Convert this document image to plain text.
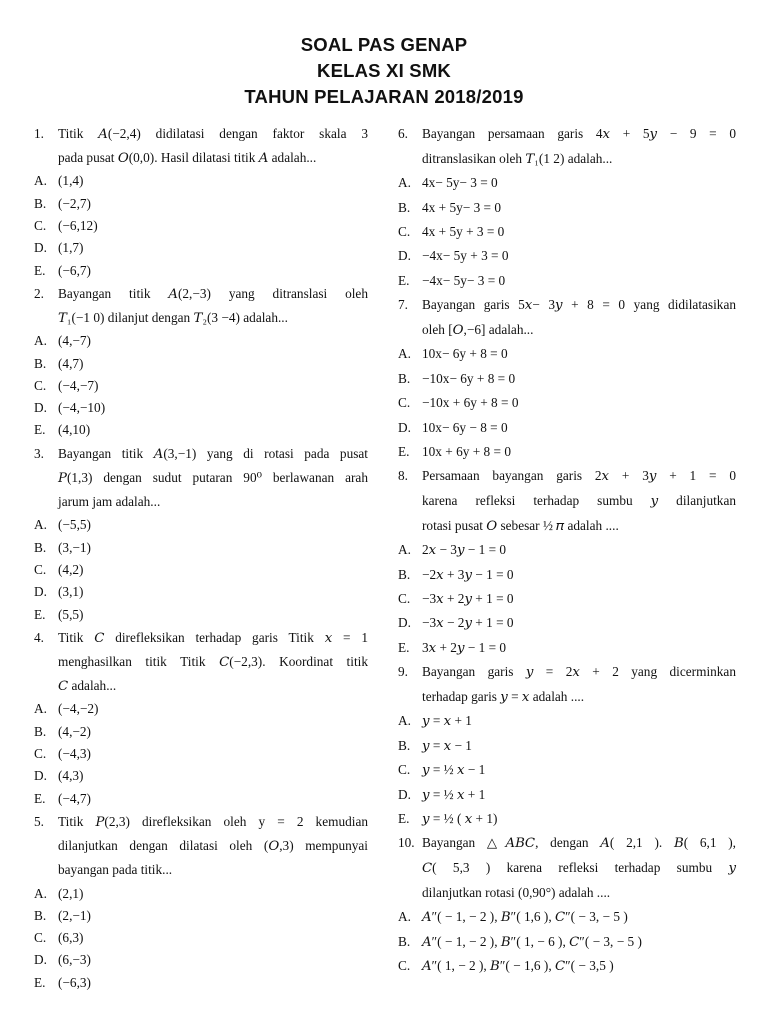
SOAL PAS GENAP
KELAS XI SMK
TAHUN PELAJARAN 2018/2019
1. Titik 𝐴(−2,4) didilatasi dengan faktor skala 3
pada pusat 𝑂(0,0). Hasil dilatasi titik 𝐴 adalah...
A. (1,4)
B. (−2,7)
C. (−6,12)
D. (1,7)
E. (−6,7)
2. Bayangan titik 𝐴(2,−3) yang ditranslasi oleh
𝑇₁(−1 0) dilanjut dengan 𝑇₂(3 −4) adalah...
A. (4,−7)
B. (4,7)
C. (−4,−7)
D. (−4,−10)
E. (4,10)
3. Bayangan titik 𝐴(3,−1) yang di rotasi pada pusat
𝑃(1,3) dengan sudut putaran 90⁰ berlawanan arah
jarum jam adalah...
A. (−5,5)
B. (3,−1)
C. (4,2)
D. (3,1)
E. (5,5)
4. Titik 𝐶 direfleksikan terhadap garis Titik 𝑥 = 1
menghasilkan titik Titik 𝐶(−2,3). Koordinat titik
𝐶 adalah...
A. (−4,−2)
B. (4,−2)
C. (−4,3)
D. (4,3)
E. (−4,7)
5. Titik 𝑃(2,3) direfleksikan oleh y = 2 kemudian
dilanjutkan dengan dilatasi oleh (𝑂,3) mempunyai
bayangan pada titik...
A. (2,1)
B. (2,−1)
C. (6,3)
D. (6,−3)
E. (−6,3)
6. Bayangan persamaan garis 4𝑥 + 5𝑦 − 9 = 0
ditranslasikan oleh 𝑇₁(1 2) adalah...
A. 4x− 5y− 3 = 0
B. 4x + 5y− 3 = 0
C. 4x + 5y + 3 = 0
D. −4x− 5y + 3 = 0
E. −4x− 5y− 3 = 0
7. Bayangan garis 5𝑥− 3𝑦 + 8 = 0 yang didilatasikan
oleh [𝑂,−6] adalah...
A. 10x− 6y + 8 = 0
B. −10x− 6y + 8 = 0
C. −10x + 6y + 8 = 0
D. 10x− 6y − 8 = 0
E. 10x + 6y + 8 = 0
8. Persamaan bayangan garis 2𝑥 + 3𝑦 + 1 = 0
karena refleksi terhadap sumbu 𝑦 dilanjutkan
rotasi pusat 𝑂 sebesar ½ 𝜋 adalah ....
A. 2𝑥 − 3𝑦 − 1 = 0
B. −2𝑥 + 3𝑦 − 1 = 0
C. −3𝑥 + 2𝑦 + 1 = 0
D. −3𝑥 − 2𝑦 + 1 = 0
E. 3𝑥 + 2𝑦 − 1 = 0
9. Bayangan garis 𝑦 = 2𝑥 + 2 yang dicerminkan
terhadap garis 𝑦 = 𝑥 adalah ....
A. 𝑦 = 𝑥 + 1
B. 𝑦 = 𝑥 − 1
C. 𝑦 = ½ 𝑥 − 1
D. 𝑦 = ½ 𝑥 + 1
E. 𝑦 = ½ ( 𝑥 + 1)
10. Bayangan △𝐴𝐵𝐶, dengan 𝐴( 2,1 ). 𝐵( 6,1 ),
𝐶( 5,3 ) karena refleksi terhadap sumbu 𝑦
dilanjutkan rotasi (0,90°) adalah ....
A. 𝐴″( − 1, − 2 ), 𝐵″( 1,6 ), 𝐶″( − 3, − 5 )
B. 𝐴″( − 1, − 2 ), 𝐵″( 1, − 6 ), 𝐶″( − 3, − 5 )
C. 𝐴″( 1, − 2 ), 𝐵″( − 1,6 ), 𝐶″( − 3,5 )
